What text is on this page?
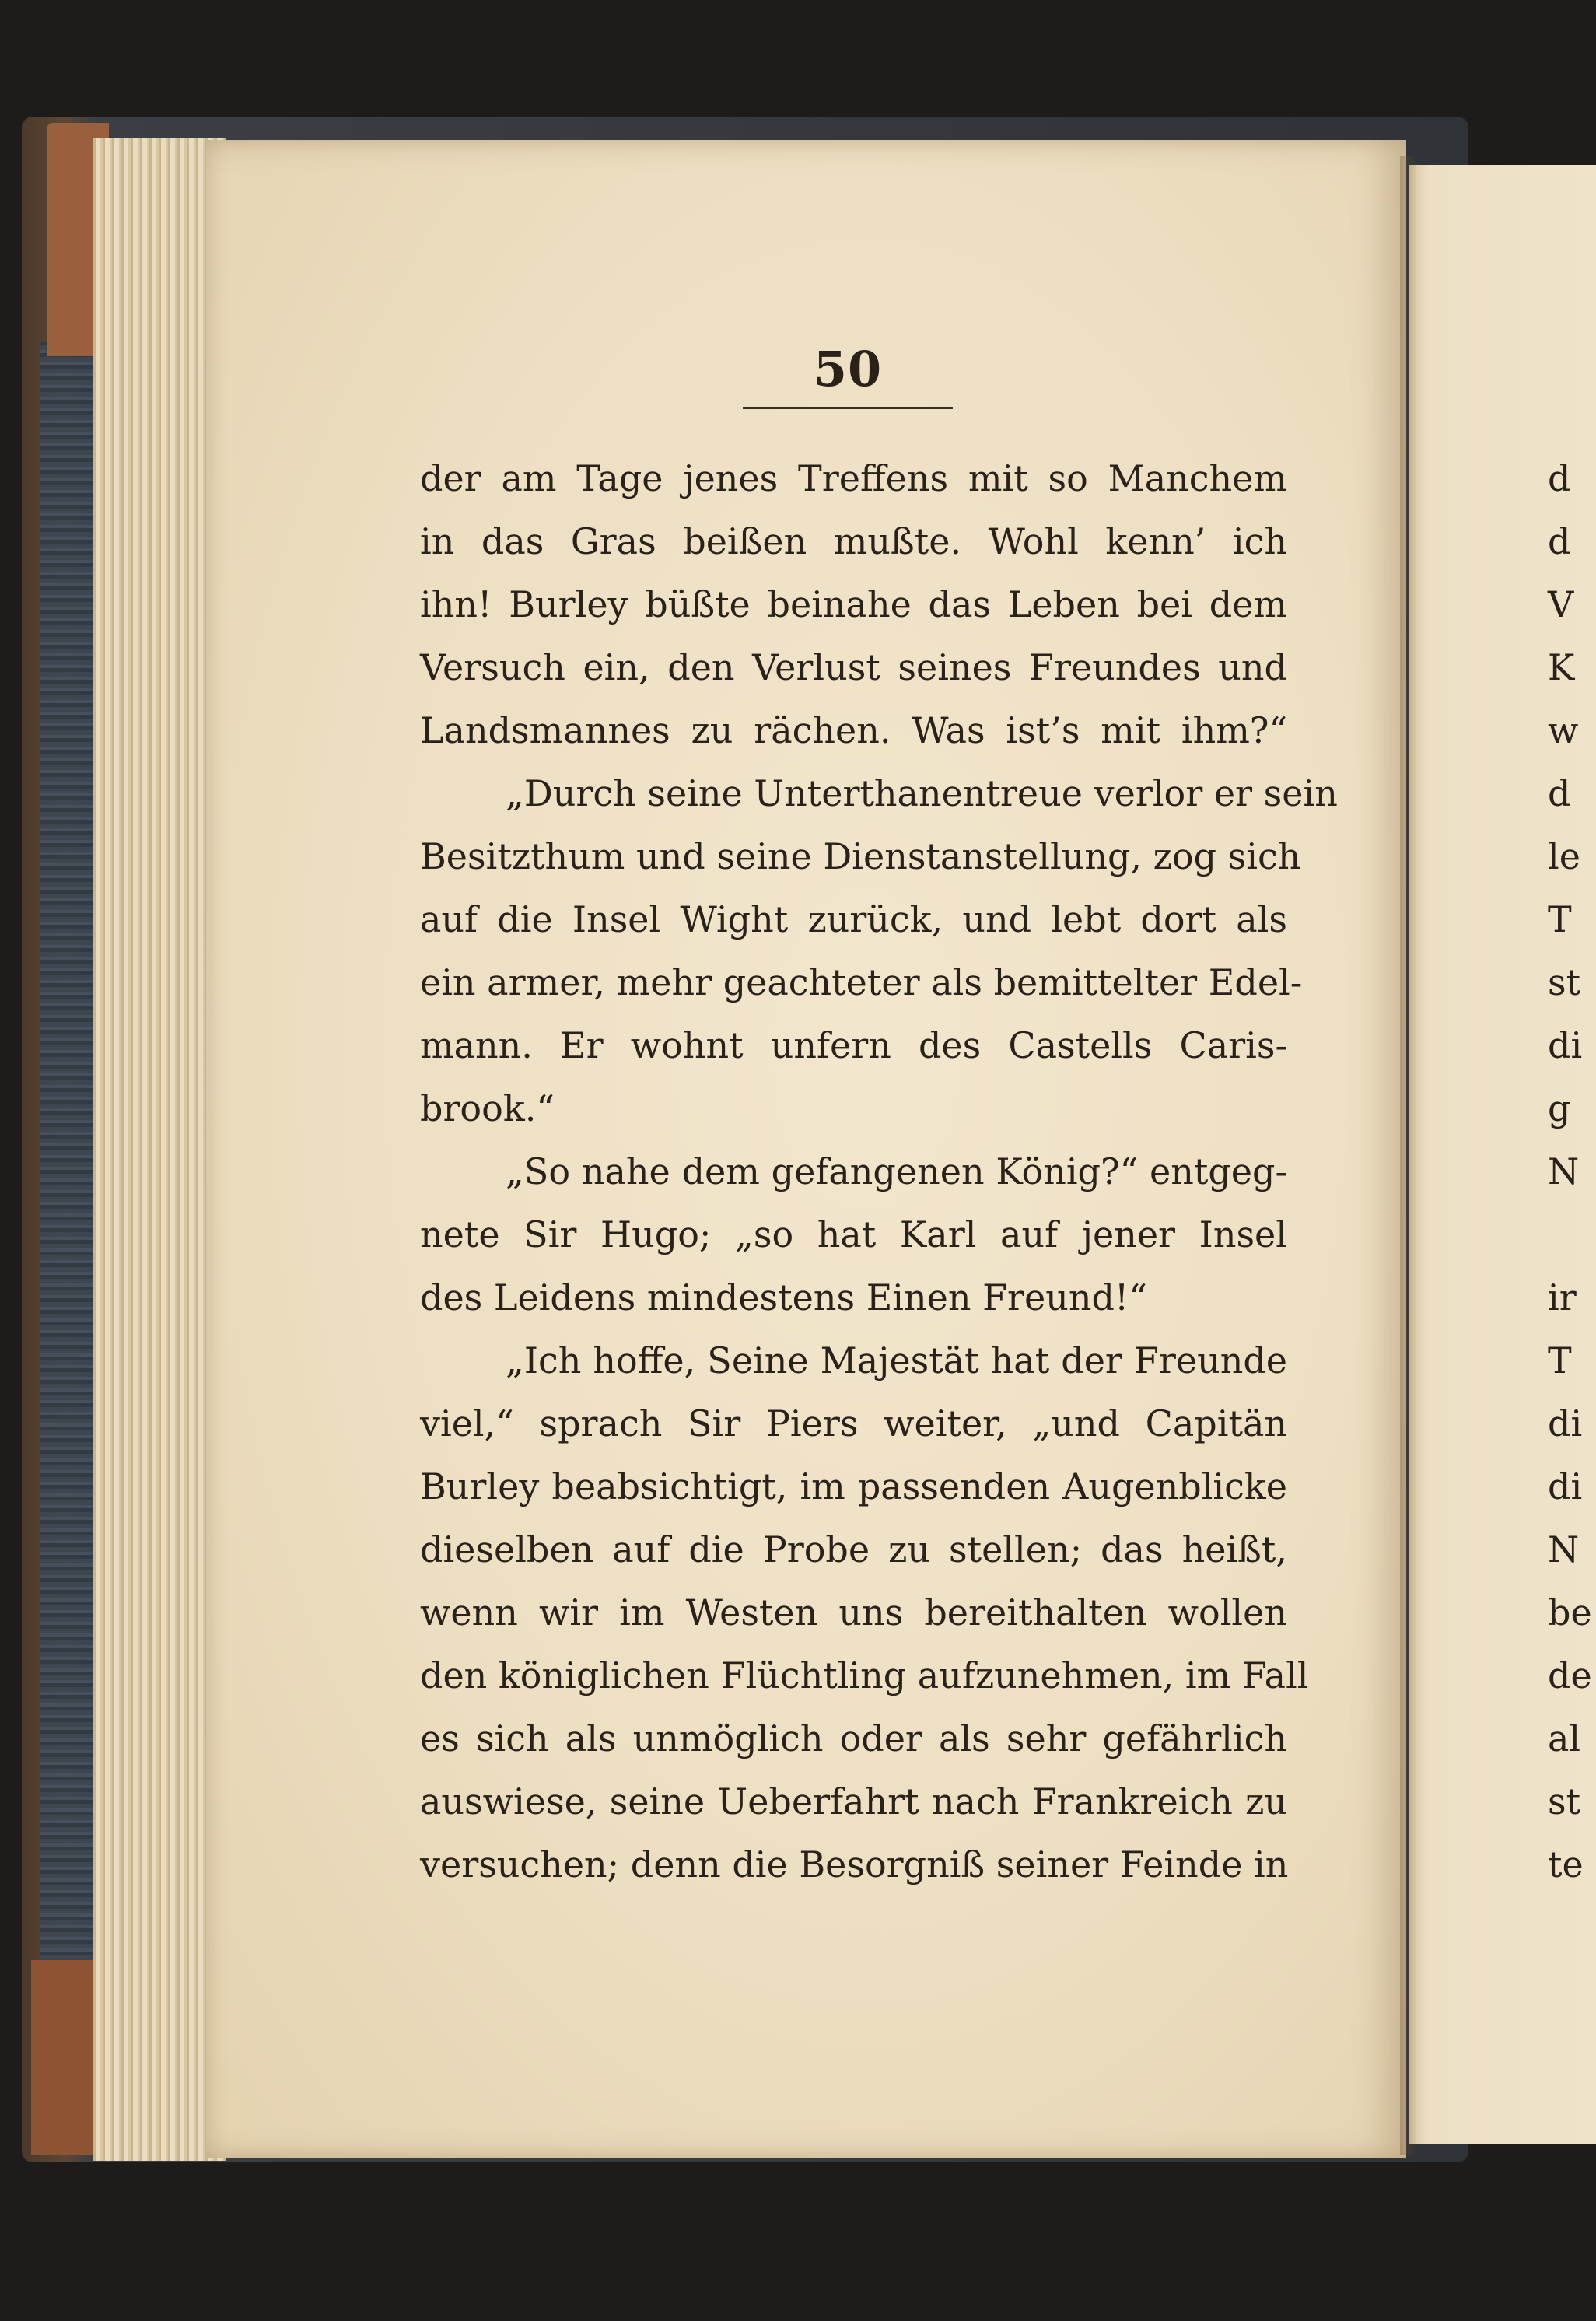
50
der am Tage jenes Treffens mit so Manchem
in das Gras beißen mußte. Wohl kenn’ ich
ihn! Burley büßte beinahe das Leben bei dem
Versuch ein, den Verlust seines Freundes und
Landsmannes zu rächen. Was ist’s mit ihm?“
„Durch seine Unterthanentreue verlor er sein
Besitzthum und seine Dienstanstellung, zog sich
auf die Insel Wight zurück, und lebt dort als
ein armer, mehr geachteter als bemittelter Edel-
mann. Er wohnt unfern des Castells Caris-
brook.“
„So nahe dem gefangenen König?“ entgeg-
nete Sir Hugo; „so hat Karl auf jener Insel
des Leidens mindestens Einen Freund!“
„Ich hoffe, Seine Majestät hat der Freunde
viel,“ sprach Sir Piers weiter, „und Capitän
Burley beabsichtigt, im passenden Augenblicke
dieselben auf die Probe zu stellen; das heißt,
wenn wir im Westen uns bereithalten wollen
den königlichen Flüchtling aufzunehmen, im Fall
es sich als unmöglich oder als sehr gefährlich
auswiese, seine Ueberfahrt nach Frankreich zu
versuchen; denn die Besorgniß seiner Feinde in
d
d
V
K
w
d
le
T
st
di
g
N
ir
T
di
di
N
be
de
al
st
te
